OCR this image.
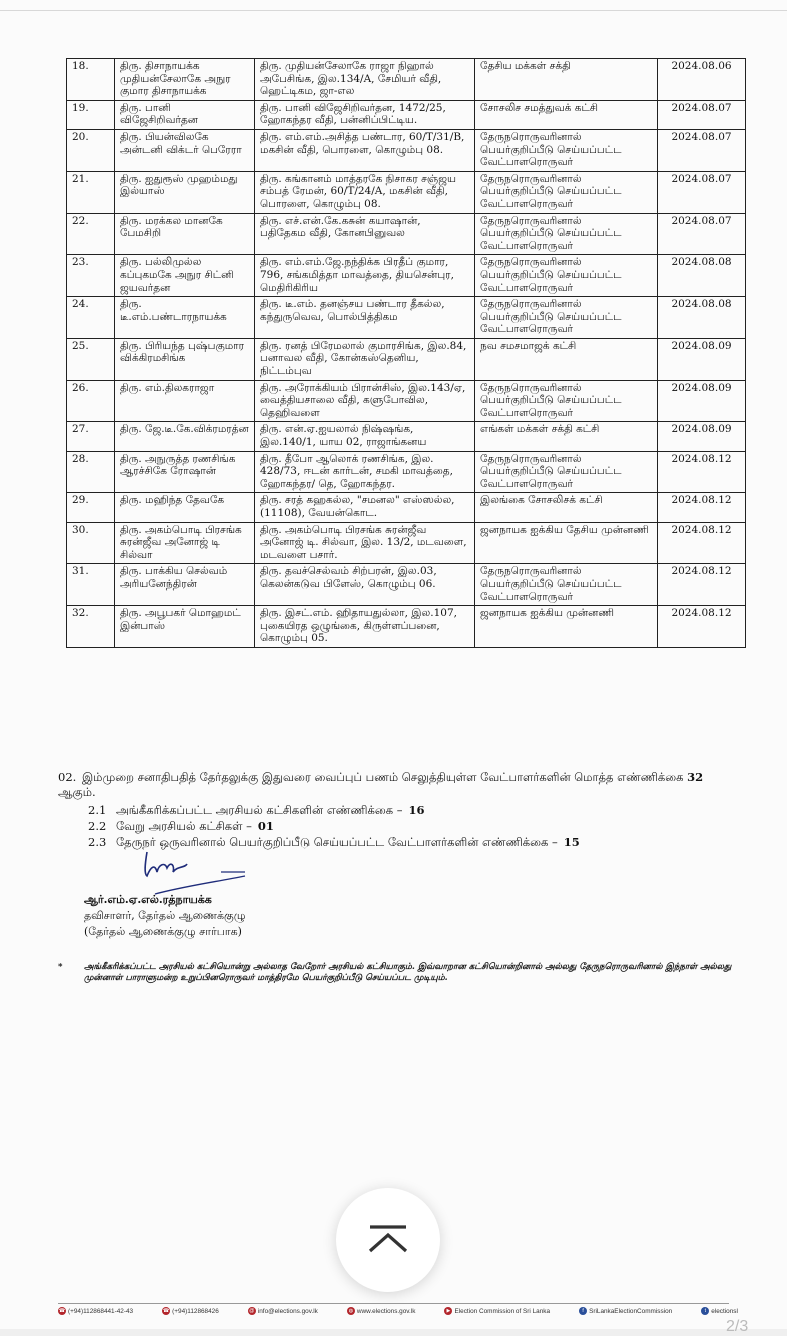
18.	திரு. திசாநாயக்க முதியன்சேலாகே அநுர குமார திசாநாயக்க	திரு. முதியன்சேலாகே ராஜா நிஹால் அபேசிங்க, இல.134/A, சேமியர் வீதி, ஹெட்டிகம, ஜா-எல	தேசிய மக்கள் சக்தி	2024.08.06
19.	திரு. பானி விஜேசிறிவர்தன	திரு. பானி விஜேசிறிவர்தன, 1472/25, ஹோகந்தர வீதி, பன்னிப்பிட்டிய.	சோசலிச சமத்துவக் கட்சி	2024.08.07
20.	திரு. பியன்விலகே அன்டனி விக்டர் பெரேரா	திரு. எம்.எம்.அசித்த பண்டார, 60/T/31/B, மகசின் வீதி, பொரளை, கொழும்பு 08.	தேருநரொருவரினால் பெயர்குறிப்பீடு செய்யப்பட்ட வேட்பாளரொருவர்	2024.08.07
21.	திரு. ஐதுரூஸ் முஹம்மது இல்யாஸ்	திரு. கங்கானம் மாத்தரகே நிசாகர சஞ்ஜய சம்பத் ரேமன், 60/T/24/A, மகசின் வீதி, பொரளை, கொழும்பு 08.	தேருநரொருவரினால் பெயர்குறிப்பீடு செய்யப்பட்ட வேட்பாளரொருவர்	2024.08.07
22.	திரு. மரக்கல மானகே பேமசிறி	திரு. எச்.என்.கே.கசுன் கயாஷான், பதிதேகம வீதி, கோனபினுவல	தேருநரொருவரினால் பெயர்குறிப்பீடு செய்யப்பட்ட வேட்பாளரொருவர்	2024.08.07
23.	திரு. பல்லிமுல்ல கப்புகமகே அநுர சிட்னி ஜயவர்தன	திரு. எம்.எம்.ஜே.நந்திக்க பிரதீப் குமார, 796, சங்கமித்தா மாவத்தை, தியசென்புர, மெதிரிகிரிய	தேருநரொருவரினால் பெயர்குறிப்பீடு செய்யப்பட்ட வேட்பாளரொருவர்	2024.08.08
24.	திரு. டீ.எம்.பண்டாரநாயக்க	திரு. டீ.எம். தனஞ்சய பண்டார தீகல்ல, கந்துருவெவ, பொல்பித்திகம	தேருநரொருவரினால் பெயர்குறிப்பீடு செய்யப்பட்ட வேட்பாளரொருவர்	2024.08.08
25.	திரு. பிரியந்த புஷ்பகுமார விக்கிரமசிங்க	திரு. ரனத் பிரேமலால் குமாரசிங்க, இல.84, பனாவல வீதி, கோன்கஸ்தெனிய, நிட்டம்புவ	நவ சமசமாஜக் கட்சி	2024.08.09
26.	திரு. எம்.திலகராஜா	திரு. அரோக்கியம் பிரான்சிஸ், இல.143/ஏ, வைத்தியசாலை வீதி, களுபோவில, தெஹிவளை	தேருநரொருவரினால் பெயர்குறிப்பீடு செய்யப்பட்ட வேட்பாளரொருவர்	2024.08.09
27.	திரு. ஜே.டீ.கே.விக்ரமரத்ன	திரு. என்.ஏ.ஐயலால் நிஷ்ஷங்க, இல.140/1, யாய 02, ராஜாங்கனய	எங்கள் மக்கள் சக்தி கட்சி	2024.08.09
28.	திரு. அநுருத்த ரணசிங்க ஆரச்சிகே ரோஷான்	திரு. தீபோ ஆலொக் ரணசிங்க, இல. 428/73, ஈடன் கார்டன், சமகி மாவத்தை, ஹோகந்தர/ தெ, ஹோகந்தர.	தேருநரொருவரினால் பெயர்குறிப்பீடு செய்யப்பட்ட வேட்பாளரொருவர்	2024.08.12
29.	திரு. மஹிந்த தேவகே	திரு. சரத் கஹகல்ல, "சமனல" எஸ்ஸல்ல, (11108), வேயன்கொட.	இலங்கை சோசலிசக் கட்சி	2024.08.12
30.	திரு. அகம்பொடி பிரசங்க சுரன்ஜீவ அனோஜ் டி சில்வா	திரு. அகம்பொடி பிரசங்க சுரன்ஜீவ அனோஜ் டி. சில்வா, இல. 13/2, மடவளை, மடவளை பசார்.	ஜனநாயக ஐக்கிய தேசிய முன்னணி	2024.08.12
31.	திரு. பாக்கிய செல்வம் அரியனேந்திரன்	திரு. தவச்செல்வம் சிற்பரன், இல.03, கெலன்கடுவ பிளேஸ், கொழும்பு 06.	தேருநரொருவரினால் பெயர்குறிப்பீடு செய்யப்பட்ட வேட்பாளரொருவர்	2024.08.12
32.	திரு. அபூபகர் மொஹமட் இன்பாஸ்	திரு. இசட்.எம். ஹிதாயதுல்லா, இல.107, புகையிரத ஒழுங்கை, கிருள்ளப்பனை, கொழும்பு 05.	ஜனநாயக ஐக்கிய முன்னணி	2024.08.12
02. இம்முறை சனாதிபதித் தேர்தலுக்கு இதுவரை வைப்புப் பணம் செலுத்தியுள்ள வேட்பாளர்களின் மொத்த எண்ணிக்கை 32
ஆகும்.
2.1 அங்கீகரிக்கப்பட்ட அரசியல் கட்சிகளின் எண்ணிக்கை – 16
2.2 வேறு அரசியல் கட்சிகள் – 01
2.3 தேருநர் ஒருவரினால் பெயர்குறிப்பீடு செய்யப்பட்ட வேட்பாளர்களின் எண்ணிக்கை – 15
ஆர்.எம்.ஏ.எல்.ரத்நாயக்க
தவிசாளர், தேர்தல் ஆணைக்குழு
(தேர்தல் ஆணைக்குழு சார்பாக)
*	அங்கீகரிக்கப்பட்ட அரசியல் கட்சியொன்று அல்லாத வேறோர் அரசியல் கட்சியாகும். இவ்வாறான கட்சியொன்றினால் அல்லது தேருநரொருவரினால் இந்நாள் அல்லது முன்னாள் பாராளுமன்ற உறுப்பினரொருவர் மாத்திரமே பெயர்குறிப்பீடு செய்யப்பட முடியும்.
☎ (+94)112868441-42-43	☎ (+94)112868426	@ info@elections.gov.lk	◍ www.elections.gov.lk	▶ Election Commission of Sri Lanka	f SriLankaElectionCommission	t electionsl
2/3
